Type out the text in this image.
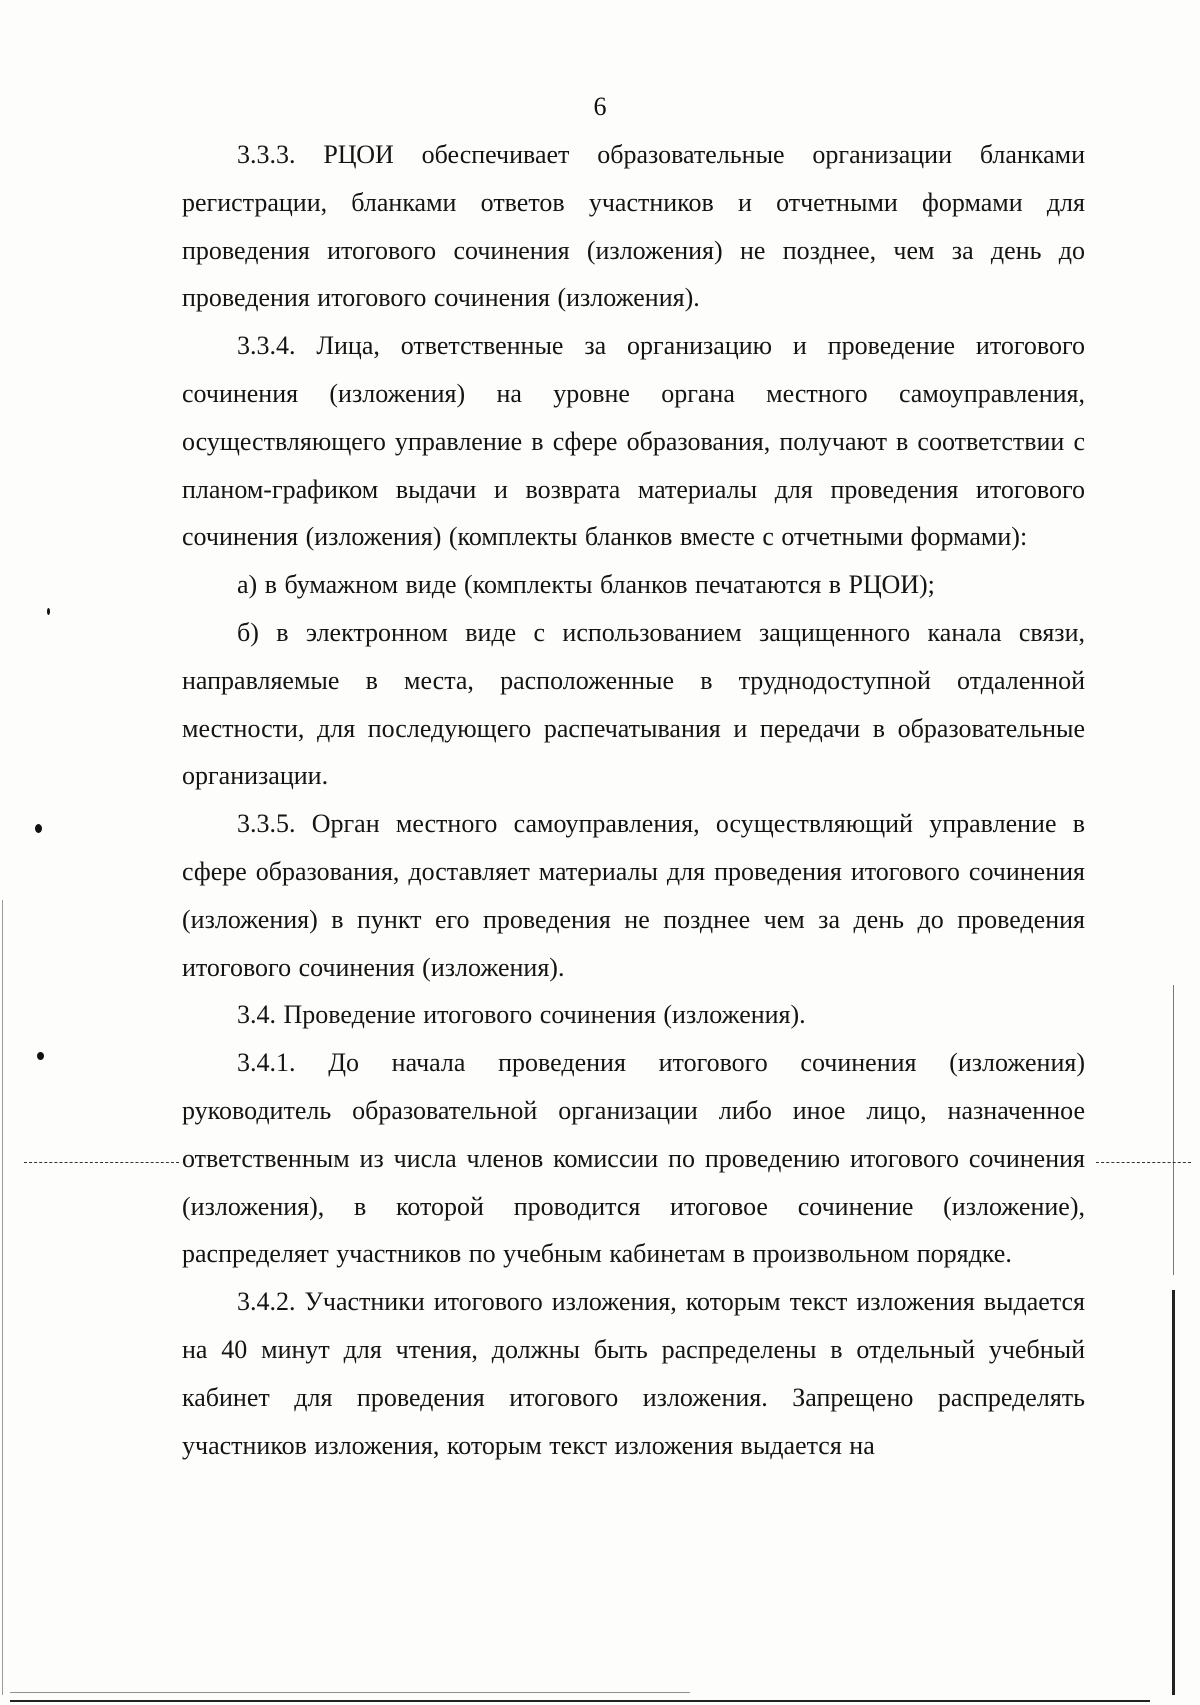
6

3.3.3. РЦОИ обеспечивает образовательные организации бланками регистрации, бланками ответов участников и отчетными формами для проведения итогового сочинения (изложения) не позднее, чем за день до проведения итогового сочинения (изложения).

3.3.4. Лица, ответственные за организацию и проведение итогового сочинения (изложения) на уровне органа местного самоуправления, осуществляющего управление в сфере образования, получают в соответствии с планом-графиком выдачи и возврата материалы для проведения итогового сочинения (изложения) (комплекты бланков вместе с отчетными формами):

а) в бумажном виде (комплекты бланков печатаются в РЦОИ);

б) в электронном виде с использованием защищенного канала связи, направляемые в места, расположенные в труднодоступной отдаленной местности, для последующего распечатывания и передачи в образовательные организации.

3.3.5. Орган местного самоуправления, осуществляющий управление в сфере образования, доставляет материалы для проведения итогового сочинения (изложения) в пункт его проведения не позднее чем за день до проведения итогового сочинения (изложения).

3.4. Проведение итогового сочинения (изложения).

3.4.1. До начала проведения итогового сочинения (изложения) руководитель образовательной организации либо иное лицо, назначенное ответственным из числа членов комиссии по проведению итогового сочинения (изложения), в которой проводится итоговое сочинение (изложение), распределяет участников по учебным кабинетам в произвольном порядке.

3.4.2. Участники итогового изложения, которым текст изложения выдается на 40 минут для чтения, должны быть распределены в отдельный учебный кабинет для проведения итогового изложения. Запрещено распределять участников изложения, которым текст изложения выдается на
